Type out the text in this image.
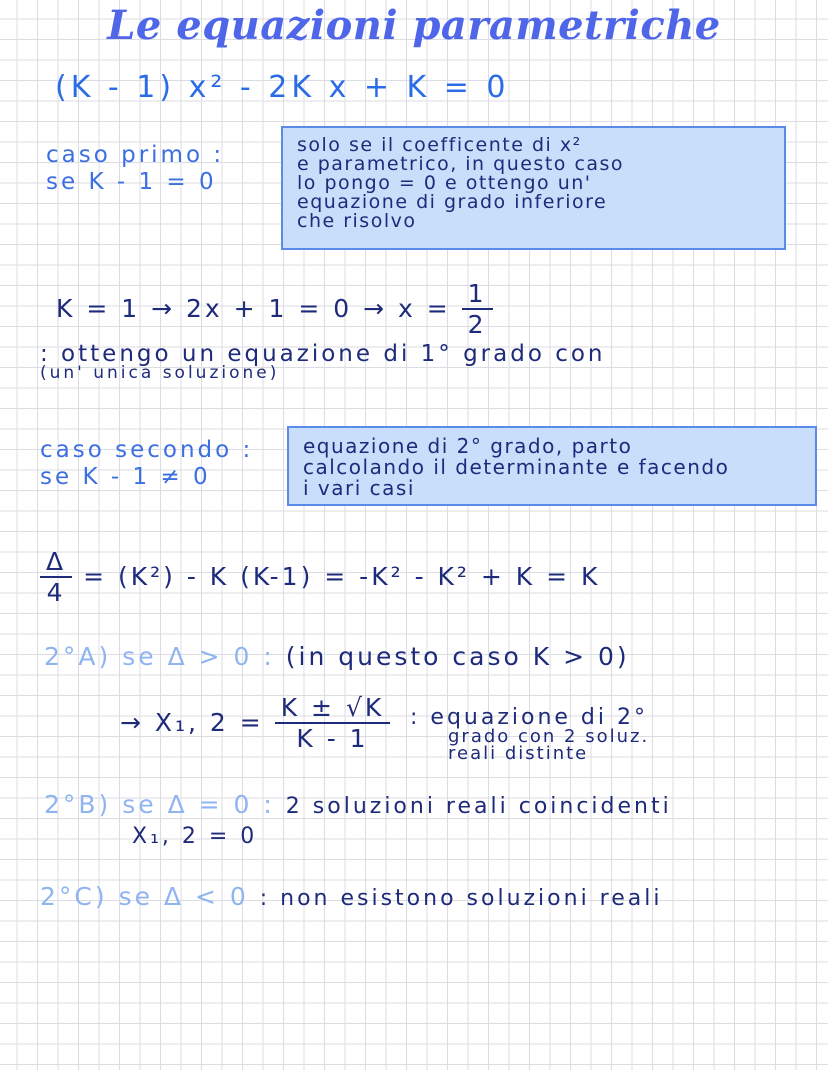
Le equazioni parametriche
(K - 1) x² - 2K x + K = 0
caso primo :
se K - 1 = 0
solo se il coefficente di x²
e parametrico, in questo caso
lo pongo = 0 e ottengo un'
equazione di grado inferiore
che risolvo
$K = 1 \to 2x + 1 = 0 \to x = \frac{1}{2}$
: ottengo un equazione di 1° grado con
(un' unica soluzione)
caso secondo :
se K - 1 ≠ 0
equazione di 2° grado, parto
calcolando il determinante e facendo
i vari casi
$\frac{\Delta}{4} = (K^2) - K$ (K-1) = -K² - K² + K = K
2°A) se Δ > 0 : (in questo caso K > 0)
→ X₁, $2 = \frac{K \pm √K}{K - 1}$ : equazione di 2°
grado con 2 soluz.
reali distinte
2°B) se Δ = 0 : 2 soluzioni reali coincidenti
X₁, 2 = 0
2°C) se Δ < 0 : non esistono soluzioni reali
